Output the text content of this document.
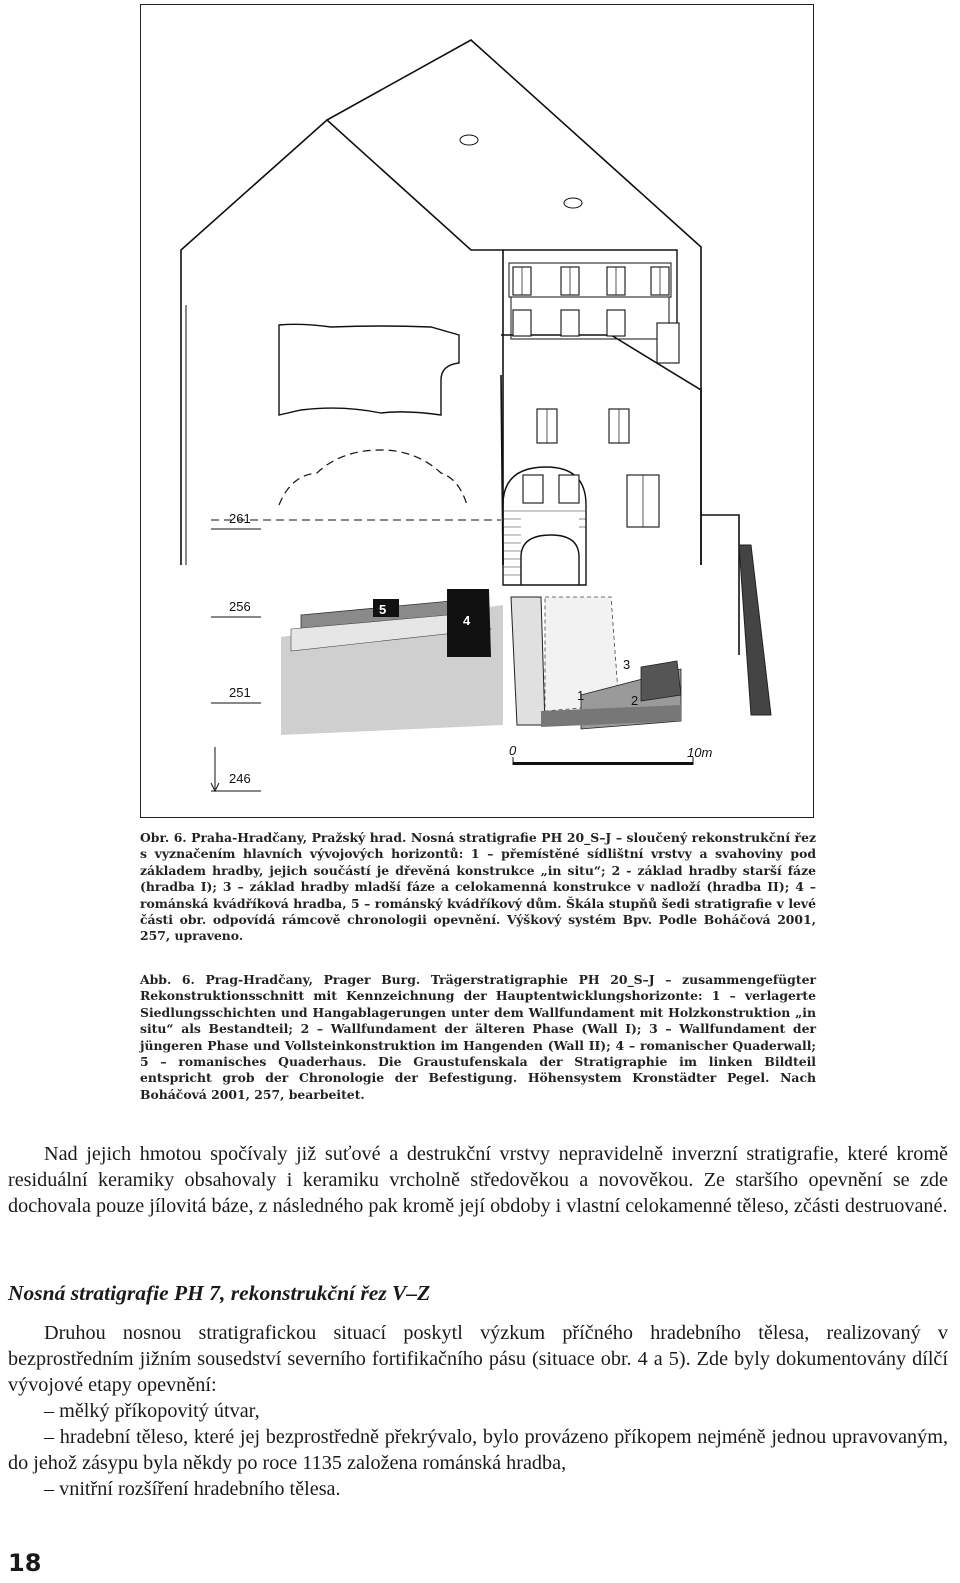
261
256
251
246
1	2
3
4
5
0	10m
Obr. 6. Praha-Hradčany, Pražský hrad. Nosná stratigrafie PH 20_S–J – sloučený rekonstrukční řez s vyznačením hlavních vývojových horizontů: 1 – přemístěné sídlištní vrstvy a svahoviny pod základem hradby, jejich součástí je dřevěná konstrukce „in situ“; 2 - základ hradby starší fáze (hradba I); 3 – základ hradby mladší fáze a celokamenná konstrukce v nadloží (hradba II); 4 – románská kvádříková hradba, 5 – románský kvádříkový dům. Škála stupňů šedi stratigrafie v levé části obr. odpovídá rámcově chronologii opevnění. Výškový systém Bpv. Podle Boháčová 2001, 257, upraveno.
Abb. 6. Prag-Hradčany, Prager Burg. Trägerstratigraphie PH 20_S–J – zusammengefügter Rekonstruktionsschnitt mit Kennzeichnung der Hauptentwicklungshorizonte: 1 – verlagerte Siedlungsschichten und Hangablagerungen unter dem Wallfundament mit Holzkonstruktion „in situ“ als Bestandteil; 2 – Wallfundament der älteren Phase (Wall I); 3 – Wallfundament der jüngeren Phase und Vollsteinkonstruktion im Hangenden (Wall II); 4 – romanischer Quaderwall; 5 – romanisches Quaderhaus. Die Graustufenskala der Stratigraphie im linken Bildteil entspricht grob der Chronologie der Befestigung. Höhensystem Kronstädter Pegel. Nach Boháčová 2001, 257, bearbeitet.

Nad jejich hmotou spočívaly již suťové a destrukční vrstvy nepravidelně inverzní stratigrafie, které kromě residuální keramiky obsahovaly i keramiku vrcholně středověkou a novověkou. Ze staršího opevnění se zde dochovala pouze jílovitá báze, z následného pak kromě její obdoby i vlastní celokamenné těleso, zčásti destruované.

Nosná stratigrafie PH 7, rekonstrukční řez V–Z

Druhou nosnou stratigrafickou situací poskytl výzkum příčného hradebního tělesa, realizovaný v bezprostředním jižním sousedství severního fortifikačního pásu (situace obr. 4 a 5). Zde byly dokumentovány dílčí vývojové etapy opevnění:

– mělký příkopovitý útvar,

– hradební těleso, které jej bezprostředně překrývalo, bylo provázeno příkopem nejméně jednou upravovaným, do jehož zásypu byla někdy po roce 1135 založena románská hradba,

– vnitřní rozšíření hradebního tělesa.

18
